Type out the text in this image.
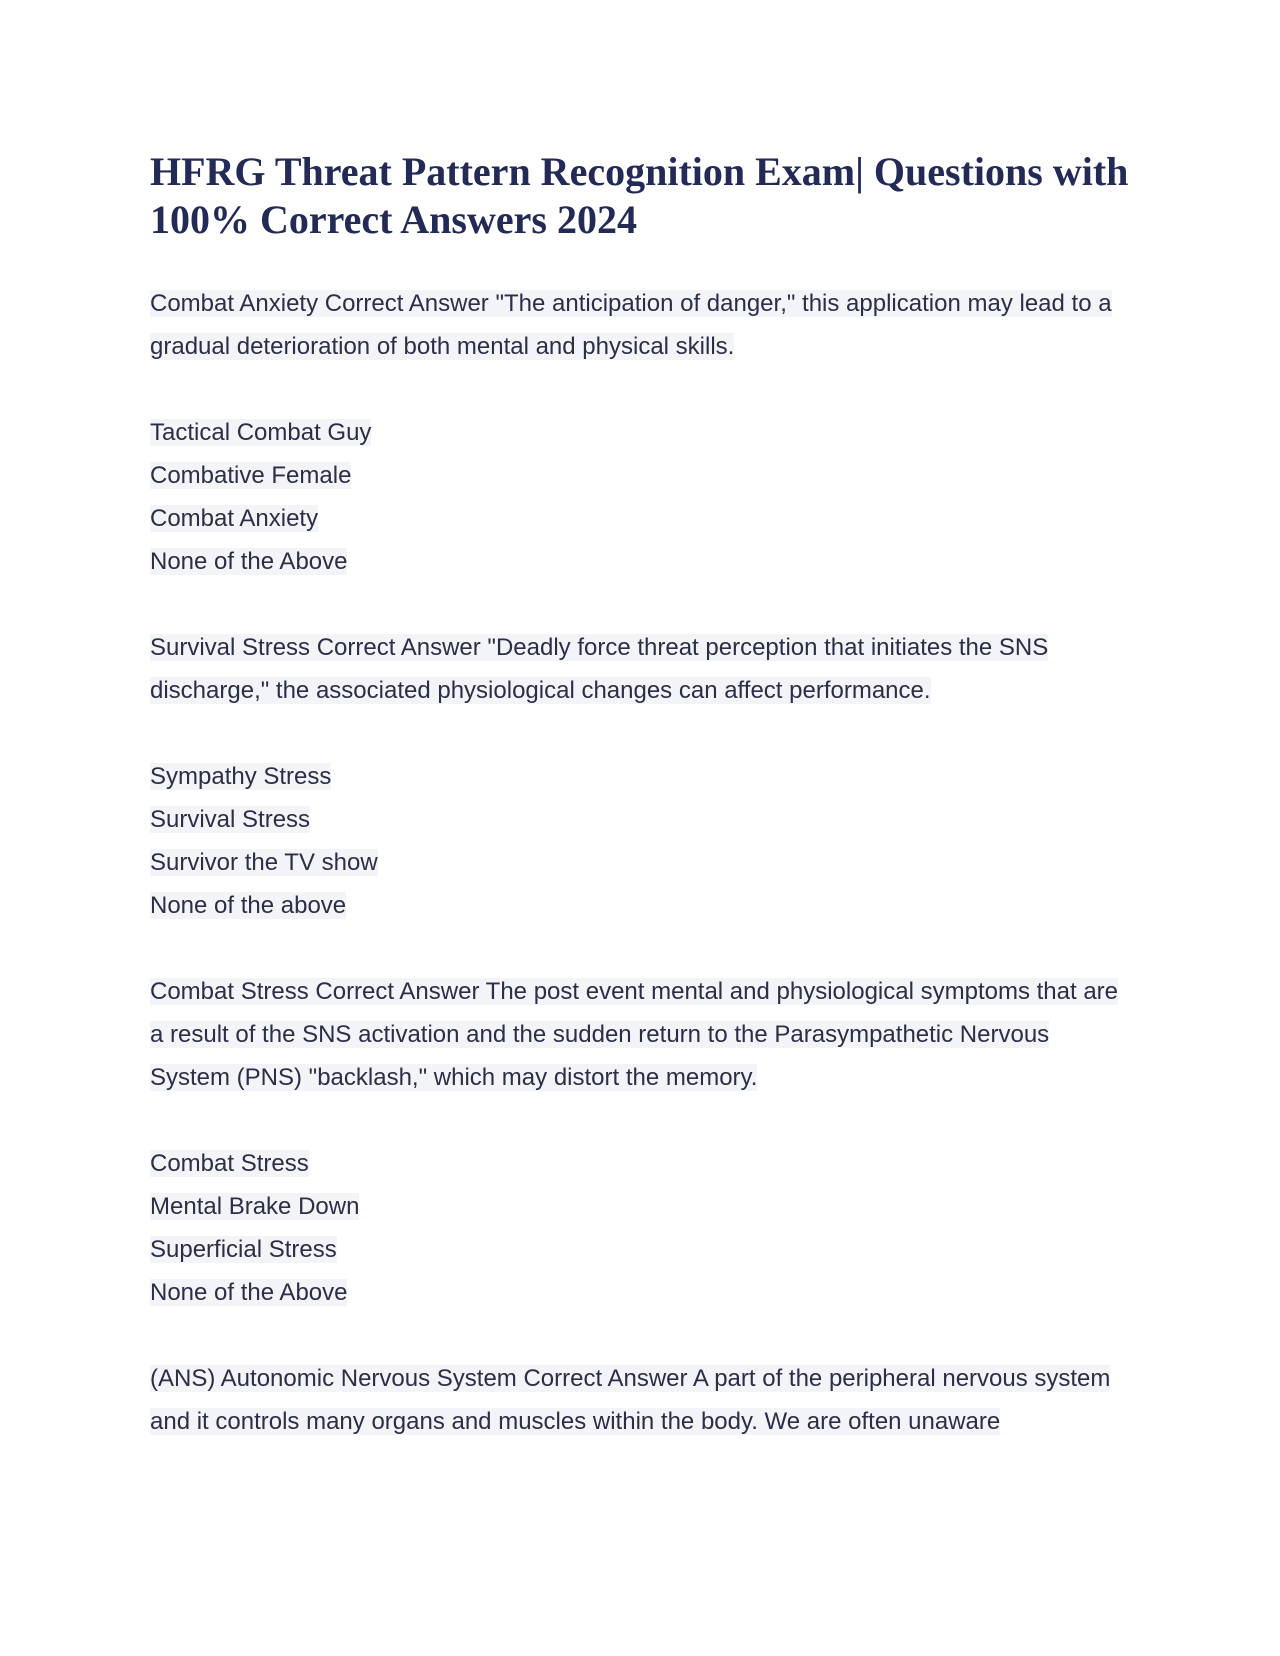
HFRG Threat Pattern Recognition Exam| Questions with 100% Correct Answers 2024

Combat Anxiety Correct Answer "The anticipation of danger," this application may lead to a gradual deterioration of both mental and physical skills.

Tactical Combat Guy
Combative Female
Combat Anxiety
None of the Above

Survival Stress Correct Answer "Deadly force threat perception that initiates the SNS discharge," the associated physiological changes can affect performance.

Sympathy Stress
Survival Stress
Survivor the TV show
None of the above

Combat Stress Correct Answer The post event mental and physiological symptoms that are a result of the SNS activation and the sudden return to the Parasympathetic Nervous System (PNS) "backlash," which may distort the memory.

Combat Stress
Mental Brake Down
Superficial Stress
None of the Above

(ANS) Autonomic Nervous System Correct Answer A part of the peripheral nervous system and it controls many organs and muscles within the body. We are often unaware
